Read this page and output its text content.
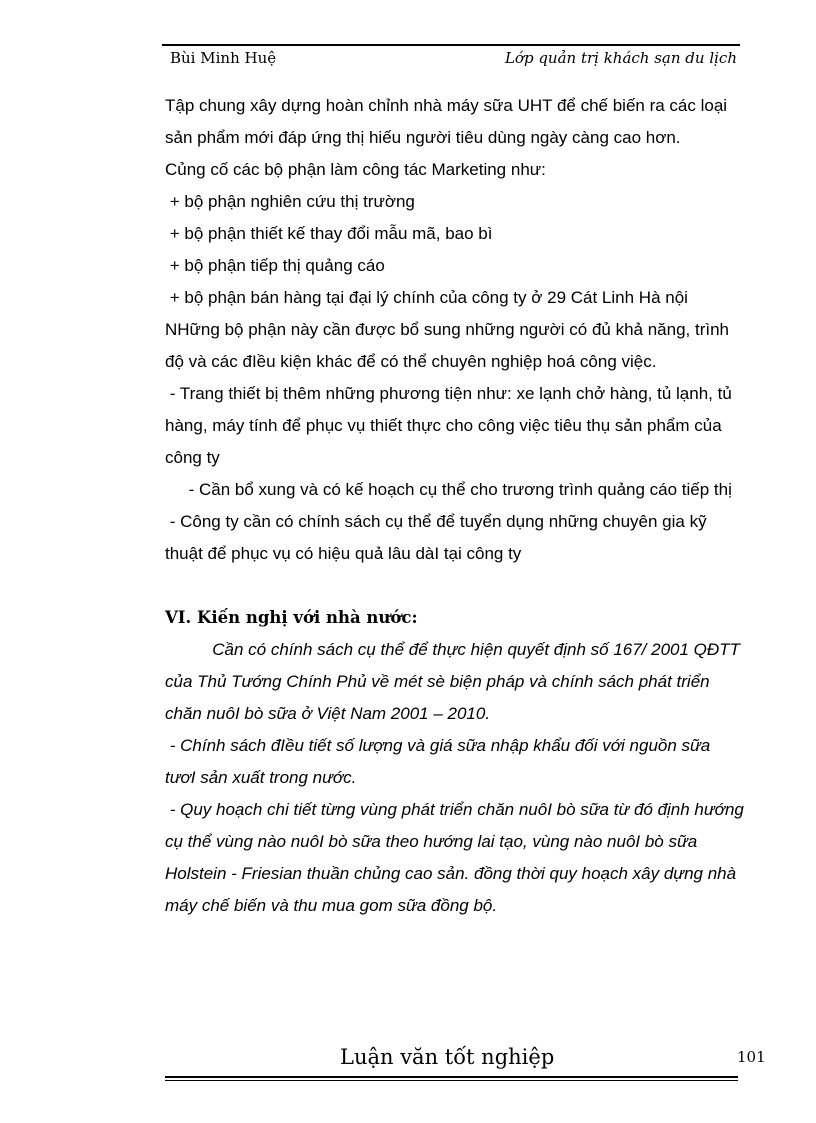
Bùi Minh Huệ	Lớp quản trị khách sạn du lịch

Tập chung xây dựng hoàn chỉnh nhà máy sữa UHT để chế biến ra các loại sản phẩm mới đáp ứng thị hiếu người tiêu dùng ngày càng cao hơn.

Củng cố các bộ phận làm công tác Marketing như:

+ bộ phận nghiên cứu thị trường

+ bộ phận thiết kế thay đổi mẫu mã, bao bì

+ bộ phận tiếp thị quảng cáo

+ bộ phận bán hàng tại đại lý chính của công ty ở 29 Cát Linh Hà nội

NHững bộ phận này cần được bổ sung những người có đủ khả năng, trình độ và các đIều kiện khác để có thể chuyên nghiệp hoá công việc.

- Trang thiết bị thêm những phương tiện như: xe lạnh chở hàng, tủ lạnh, tủ hàng, máy tính để phục vụ thiết thực cho công việc tiêu thụ sản phẩm của công ty

- Cần bổ xung và có kế hoạch cụ thể cho trương trình quảng cáo tiếp thị

- Công ty cần có chính sách cụ thể để tuyển dụng những chuyên gia kỹ thuật để phục vụ có hiệu quả lâu dàI tại công ty

VI. Kiến nghị với nhà nước:

Cần có chính sách cụ thể để thực hiện quyết định số 167/ 2001 QĐTT của Thủ Tướng Chính Phủ về mét sè biện pháp và chính sách phát triển chăn nuôI bò sữa ở Việt Nam 2001 – 2010.

- Chính sách đIều tiết số lượng và giá sữa nhập khẩu đối với nguồn sữa tươI sản xuất trong nước.

- Quy hoạch chi tiết từng vùng phát triển chăn nuôI bò sữa từ đó định hướng cụ thể vùng nào nuôI bò sữa theo hướng lai tạo, vùng nào nuôI bò sữa Holstein - Friesian thuần chủng cao sản. đồng thời quy hoạch xây dựng nhà máy chế biến và thu mua gom sữa đồng bộ.

Luận văn tốt nghiệp	101
